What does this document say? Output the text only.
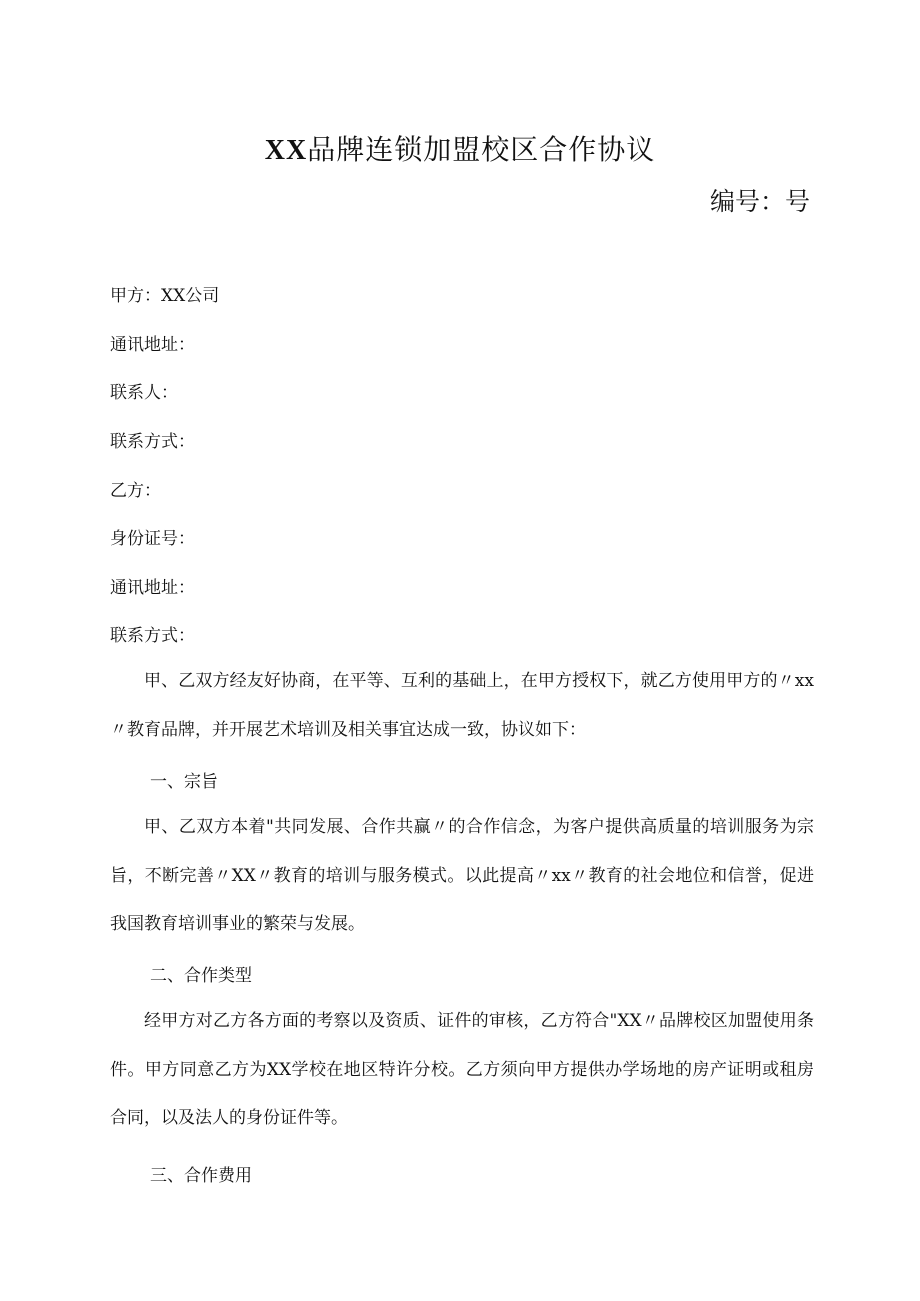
XX品牌连锁加盟校区合作协议
编号：号
甲方：XX公司
通讯地址：
联系人：
联系方式：
乙方：
身份证号：
通讯地址：
联系方式：
甲、乙双方经友好协商，在平等、互利的基础上，在甲方授权下，就乙方使用甲方的〃xx〃教育品牌，并开展艺术培训及相关事宜达成一致，协议如下：
一、宗旨
甲、乙双方本着"共同发展、合作共赢〃的合作信念，为客户提供高质量的培训服务为宗旨，不断完善〃XX〃教育的培训与服务模式。以此提高〃xx〃教育的社会地位和信誉，促进我国教育培训事业的繁荣与发展。
二、合作类型
经甲方对乙方各方面的考察以及资质、证件的审核，乙方符合"XX〃品牌校区加盟使用条件。甲方同意乙方为XX学校在地区特许分校。乙方须向甲方提供办学场地的房产证明或租房合同，以及法人的身份证件等。
三、合作费用
